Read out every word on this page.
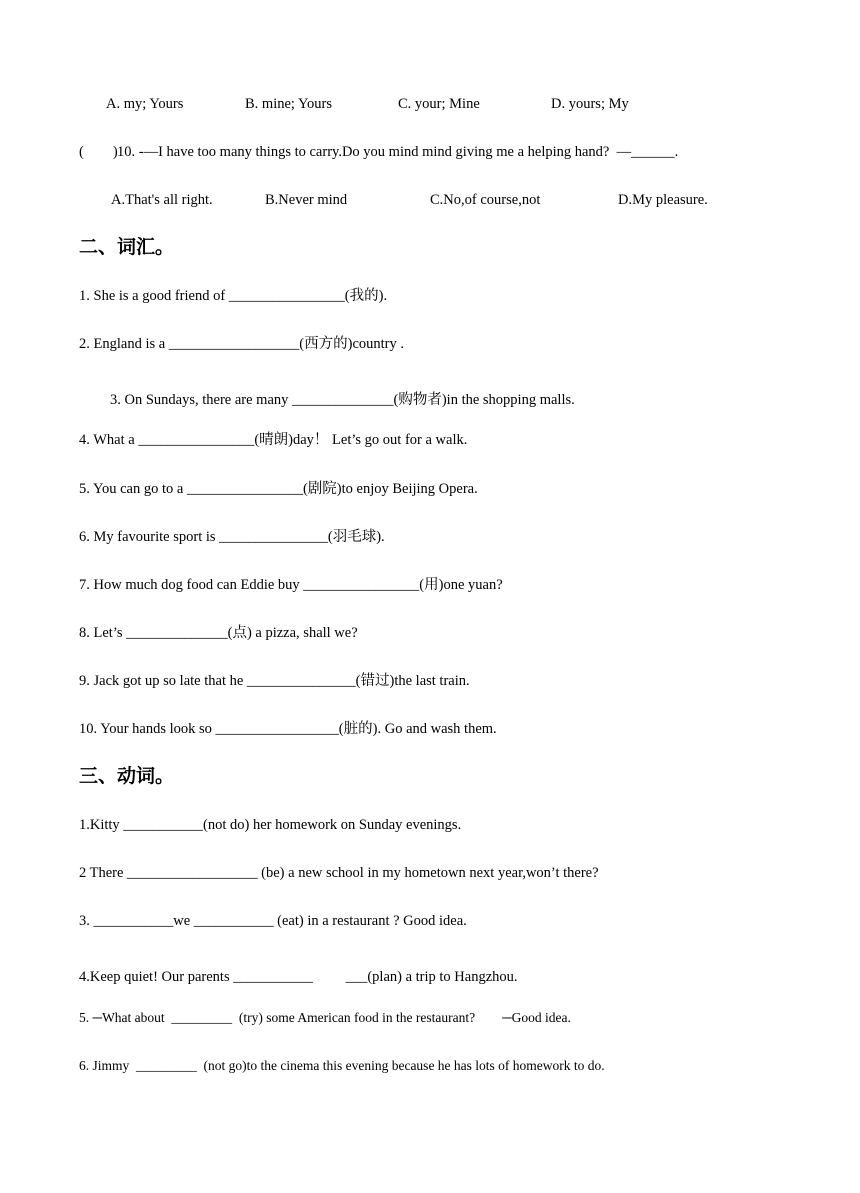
A. my; Yours	B. mine; Yours	C. your; Mine	D. yours; My
(        ) 10. -—I have too many things to carry.Do you mind mind giving me a helping hand?  —______.
A.That's all right.	B.Never mind	C.No,of course,not	D.My pleasure.
二、词汇。
1. She is a good friend of ________________(我的).
2. England is a __________________(西方的)country .
3. On Sundays, there are many ______________(购物者)in the shopping malls.
4. What a ________________(晴朗)day！ Let’s go out for a walk.
5. You can go to a ________________(剧院)to enjoy Beijing Opera.
6. My favourite sport is _______________(羽毛球).
7. How much dog food can Eddie buy ________________(用)one yuan?
8. Let’s ______________(点) a pizza, shall we?
9. Jack got up so late that he _______________(错过)the last train.
10. Your hands look so _________________(脏的). Go and wash them.
三、动词。
1.Kitty ___________(not do) her homework on Sunday evenings.
2 There __________________ (be) a new school in my hometown next year,won’t there?
3. ___________we ___________ (eat) in a restaurant ? Good idea.
4.Keep quiet! Our parents ___________         ___(plan) a trip to Hangzhou.
5. ─What about  _________  (try) some American food in the restaurant?        ─Good idea.
6. Jimmy  _________  (not go)to the cinema this evening because he has lots of homework to do.
